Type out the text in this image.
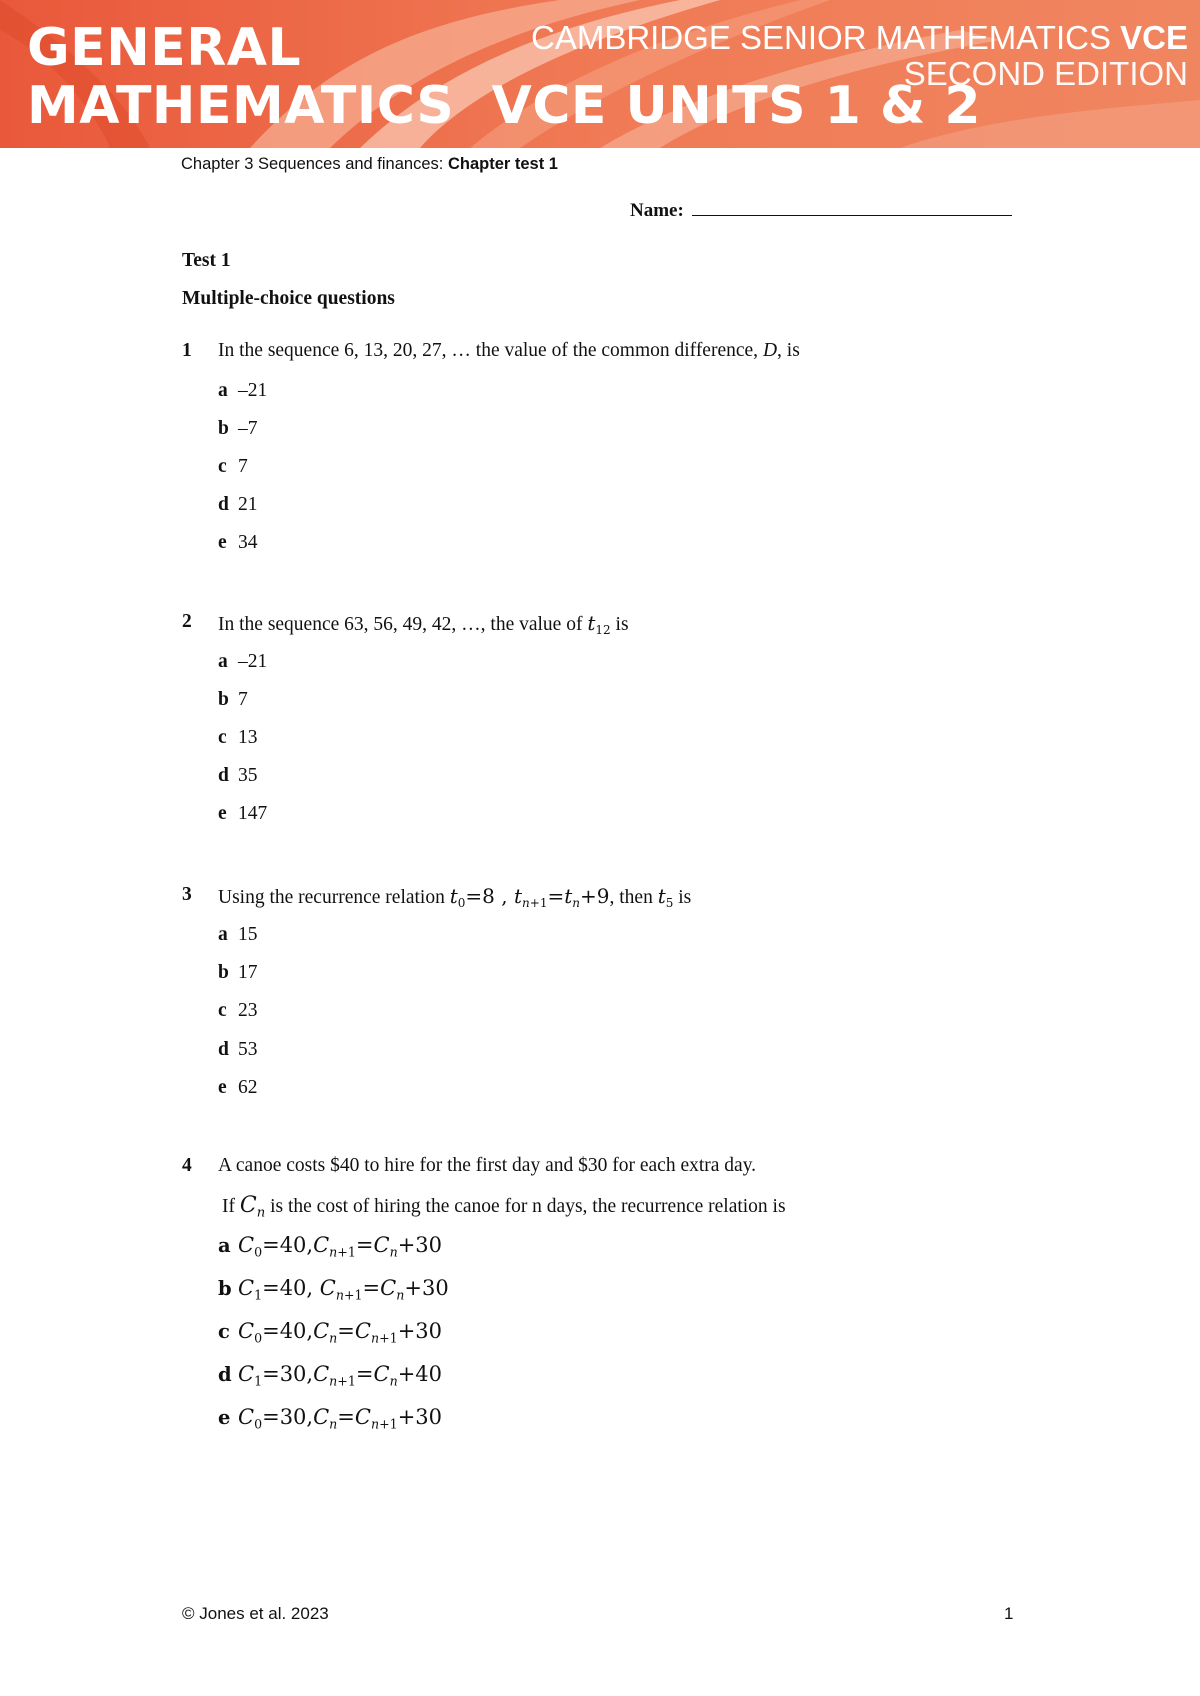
GENERAL
MATHEMATICS  VCE UNITS 1 & 2
CAMBRIDGE SENIOR MATHEMATICS VCE
SECOND EDITION
Chapter 3 Sequences and finances: Chapter test 1
Name:
Test 1
Multiple-choice questions
1 In the sequence 6, 13, 20, 27, … the value of the common difference, D, is
a –21
b –7
c 7
d 21
e 34
2 In the sequence 63, 56, 49, 42, …, the value of $t_{12}$ is
a –21
b 7
c 13
d 35
e 147
3 Using the recurrence relation $t_0=8$ , $t_{n+1}=t_n+9$, then $t_5$ is
a 15
b 17
c 23
d 53
e 62
4 A canoe costs $40 to hire for the first day and $30 for each extra day.
If $C_n$ is the cost of hiring the canoe for n days, the recurrence relation is
a $C_0=40,C_{n+1}=C_n+30$
b $C_1=40$, $C_{n+1}=C_n+30$
c $C_0=40,C_n=C_{n+1}+30$
d $C_1=30,C_{n+1}=C_n+40$
e $C_0=30,C_n=C_{n+1}+30$
© Jones et al. 2023	1
